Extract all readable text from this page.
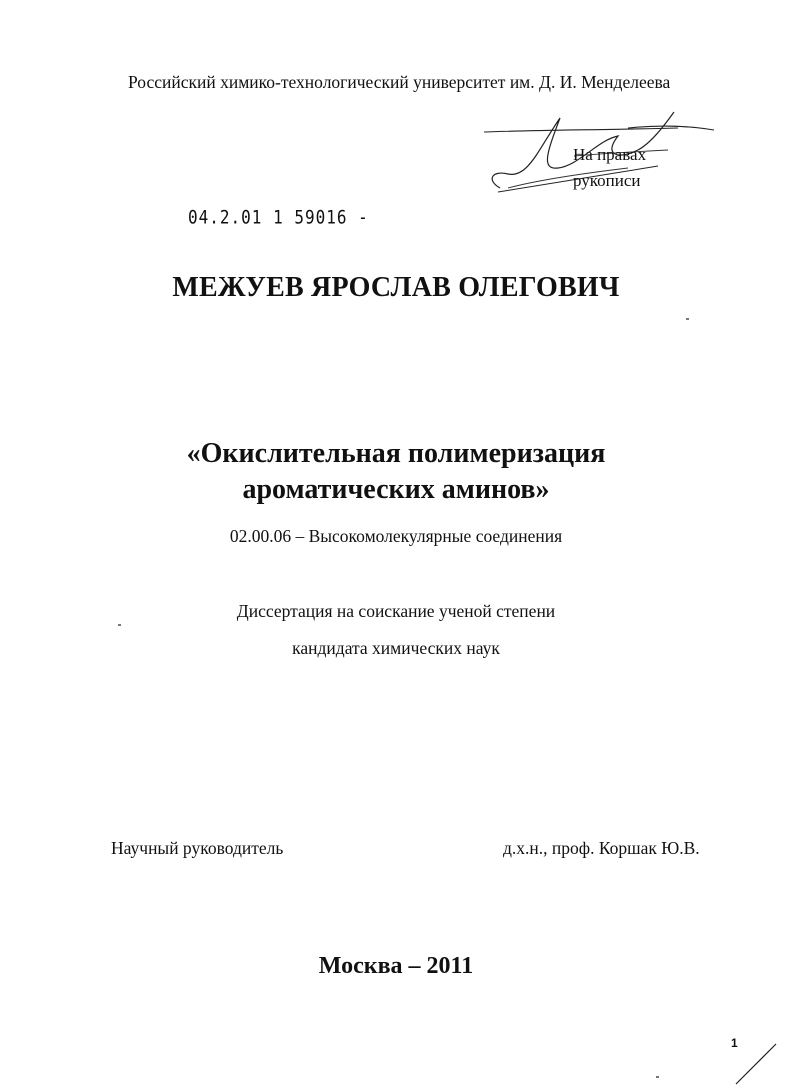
Российский химико-технологический университет им. Д. И. Менделеева
На правах
рукописи
04.2.01 1 59016 -
МЕЖУЕВ ЯРОСЛАВ ОЛЕГОВИЧ
«Окислительная полимеризация
ароматических аминов»
02.00.06 – Высокомолекулярные соединения
Диссертация на соискание ученой степени
кандидата химических наук
Научный руководитель	д.х.н., проф. Коршак Ю.В.
Москва – 2011
1
